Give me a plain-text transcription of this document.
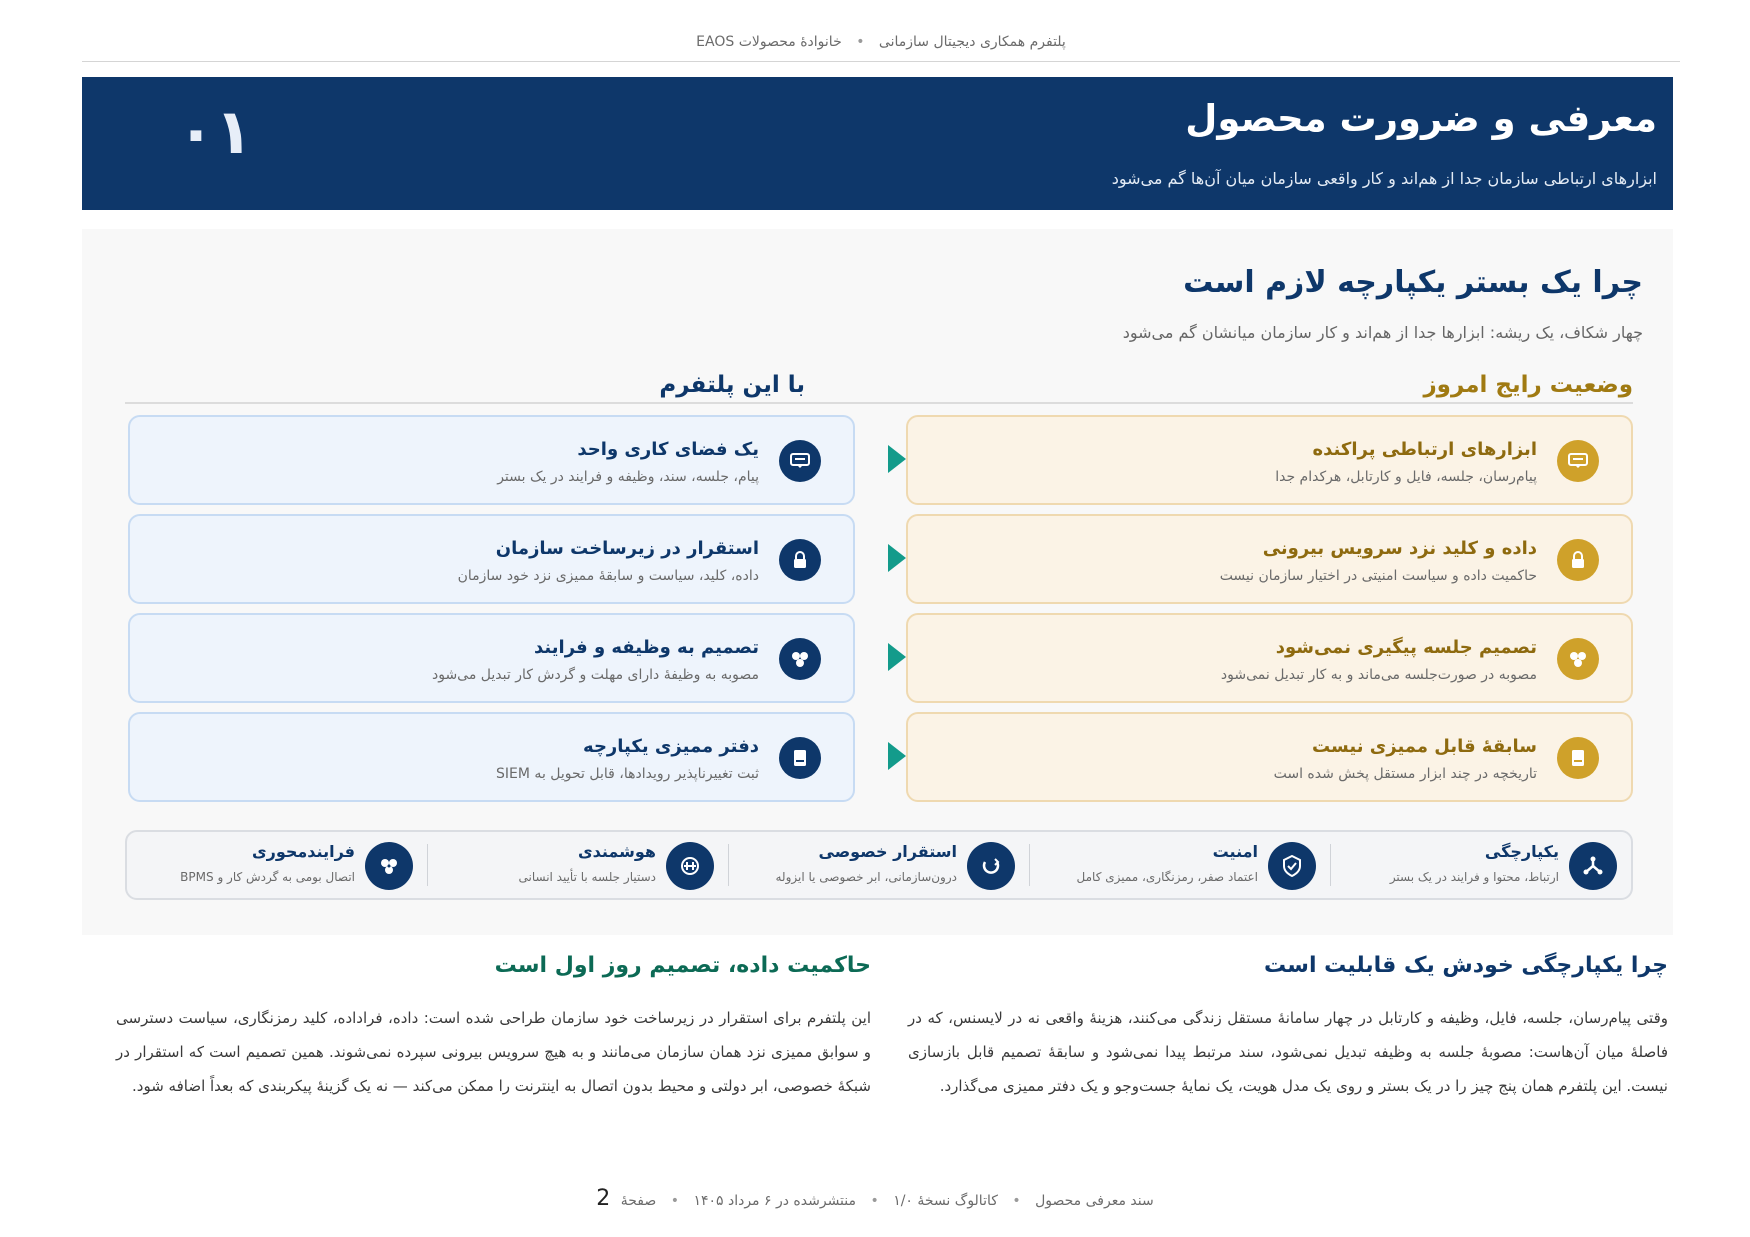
پلتفرم همکاری دیجیتال سازمانی • خانوادهٔ محصولات EAOS
معرفی و ضرورت محصول
ابزارهای ارتباطی سازمان جدا از هم‌اند و کار واقعی سازمان میان آن‌ها گم می‌شود
۰۱
چرا یک بستر یکپارچه لازم است
چهار شکاف، یک ریشه: ابزارها جدا از هم‌اند و کار سازمان میانشان گم می‌شود
وضعیت رایج امروز
با این پلتفرم
ابزارهای ارتباطی پراکنده
پیام‌رسان، جلسه، فایل و کارتابل، هرکدام جدا
یک فضای کاری واحد
پیام، جلسه، سند، وظیفه و فرایند در یک بستر
داده و کلید نزد سرویس بیرونی
حاکمیت داده و سیاست امنیتی در اختیار سازمان نیست
استقرار در زیرساخت سازمان
داده، کلید، سیاست و سابقهٔ ممیزی نزد خود سازمان
تصمیم جلسه پیگیری نمی‌شود
مصوبه در صورت‌جلسه می‌ماند و به کار تبدیل نمی‌شود
تصمیم به وظیفه و فرایند
مصوبه به وظیفهٔ دارای مهلت و گردش کار تبدیل می‌شود
سابقهٔ قابل ممیزی نیست
تاریخچه در چند ابزار مستقل پخش شده است
دفتر ممیزی یکپارچه
ثبت تغییرناپذیر رویدادها، قابل تحویل به SIEM
یکپارچگی
ارتباط، محتوا و فرایند در یک بستر
امنیت
اعتماد صفر، رمزنگاری، ممیزی کامل
استقرار خصوصی
درون‌سازمانی، ابر خصوصی یا ایزوله
هوشمندی
دستیار جلسه با تأیید انسانی
فرایندمحوری
اتصال بومی به گردش کار و BPMS
چرا یکپارچگی خودش یک قابلیت است

وقتی پیام‌رسان، جلسه، فایل، وظیفه و کارتابل در چهار سامانهٔ مستقل زندگی می‌کنند، هزینهٔ واقعی نه در لایسنس، که در فاصلهٔ میان آن‌هاست: مصوبهٔ جلسه به وظیفه تبدیل نمی‌شود، سند مرتبط پیدا نمی‌شود و سابقهٔ تصمیم قابل بازسازی نیست. این پلتفرم همان پنج چیز را در یک بستر و روی یک مدل هویت، یک نمایهٔ جست‌وجو و یک دفتر ممیزی می‌گذارد.

حاکمیت داده، تصمیم روز اول است

این پلتفرم برای استقرار در زیرساخت خود سازمان طراحی شده است: داده، فراداده، کلید رمزنگاری، سیاست دسترسی و سوابق ممیزی نزد همان سازمان می‌مانند و به هیچ سرویس بیرونی سپرده نمی‌شوند. همین تصمیم است که استقرار در شبکهٔ خصوصی، ابر دولتی و محیط بدون اتصال به اینترنت را ممکن می‌کند — نه یک گزینهٔ پیکربندی که بعداً اضافه شود.

سند معرفی محصول • کاتالوگ نسخهٔ ۱/۰ • منتشرشده در ۶ مرداد ۱۴۰۵ • صفحهٔ 2
